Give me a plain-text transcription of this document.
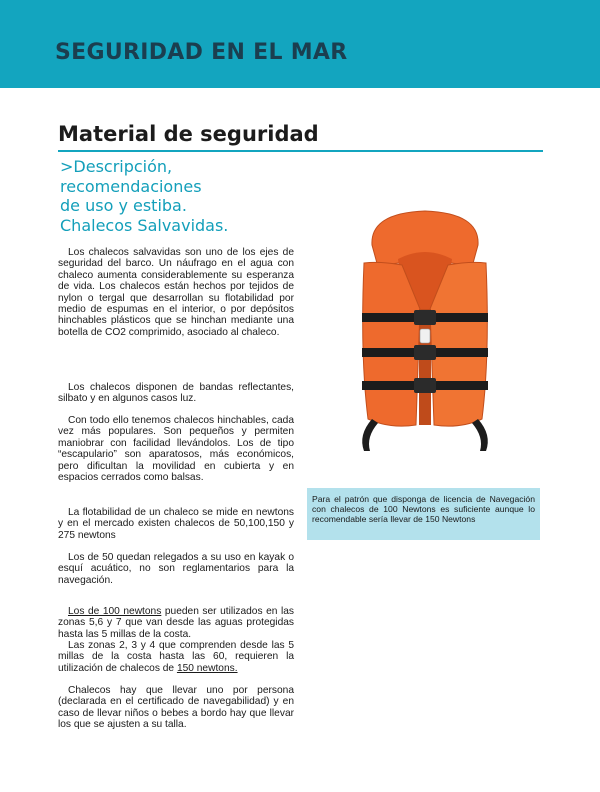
SEGURIDAD EN EL MAR
Material de seguridad
>Descripción,
recomendaciones
de uso y estiba.
Chalecos Salvavidas.

Los chalecos salvavidas son uno de los ejes de seguridad del barco. Un náufrago en el agua con chaleco aumenta considerablemente su esperanza de vida. Los chalecos están hechos por tejidos de nylon o tergal que desarrollan su flotabilidad por medio de espumas en el interior, o por depósitos hinchables plásticos que se hinchan mediante una botella de CO2 comprimido, asociado al chaleco.

Los chalecos disponen de bandas reflectantes, silbato y en algunos casos luz.

Con todo ello tenemos chalecos hinchables, cada vez más populares. Son pequeños y permiten maniobrar con facilidad llevándolos. Los de tipo “escapulario” son aparatosos, más económicos, pero dificultan la movilidad en cubierta y en espacios cerrados como balsas.

La flotabilidad de un chaleco se mide en newtons y en el mercado existen chalecos de 50,100,150 y 275 newtons

Los de 50 quedan relegados a su uso en kayak o esquí acuático, no son reglamentarios para la navegación.

Los de 100 newtons pueden ser utilizados en las zonas 5,6 y 7 que van desde las aguas protegidas hasta las 5 millas de la costa.

Las zonas 2, 3 y 4 que comprenden desde las 5 millas de la costa hasta las 60, requieren la utilización de chalecos de 150 newtons.

Chalecos hay que llevar uno por persona (declarada en el certificado de navegabilidad) y en caso de llevar niños o bebes a bordo hay que llevar los que se ajusten a su talla.

Para el patrón que disponga de licencia de Navegación con chalecos de 100 Newtons es suficiente aunque lo recomendable sería llevar de 150 Newtons
